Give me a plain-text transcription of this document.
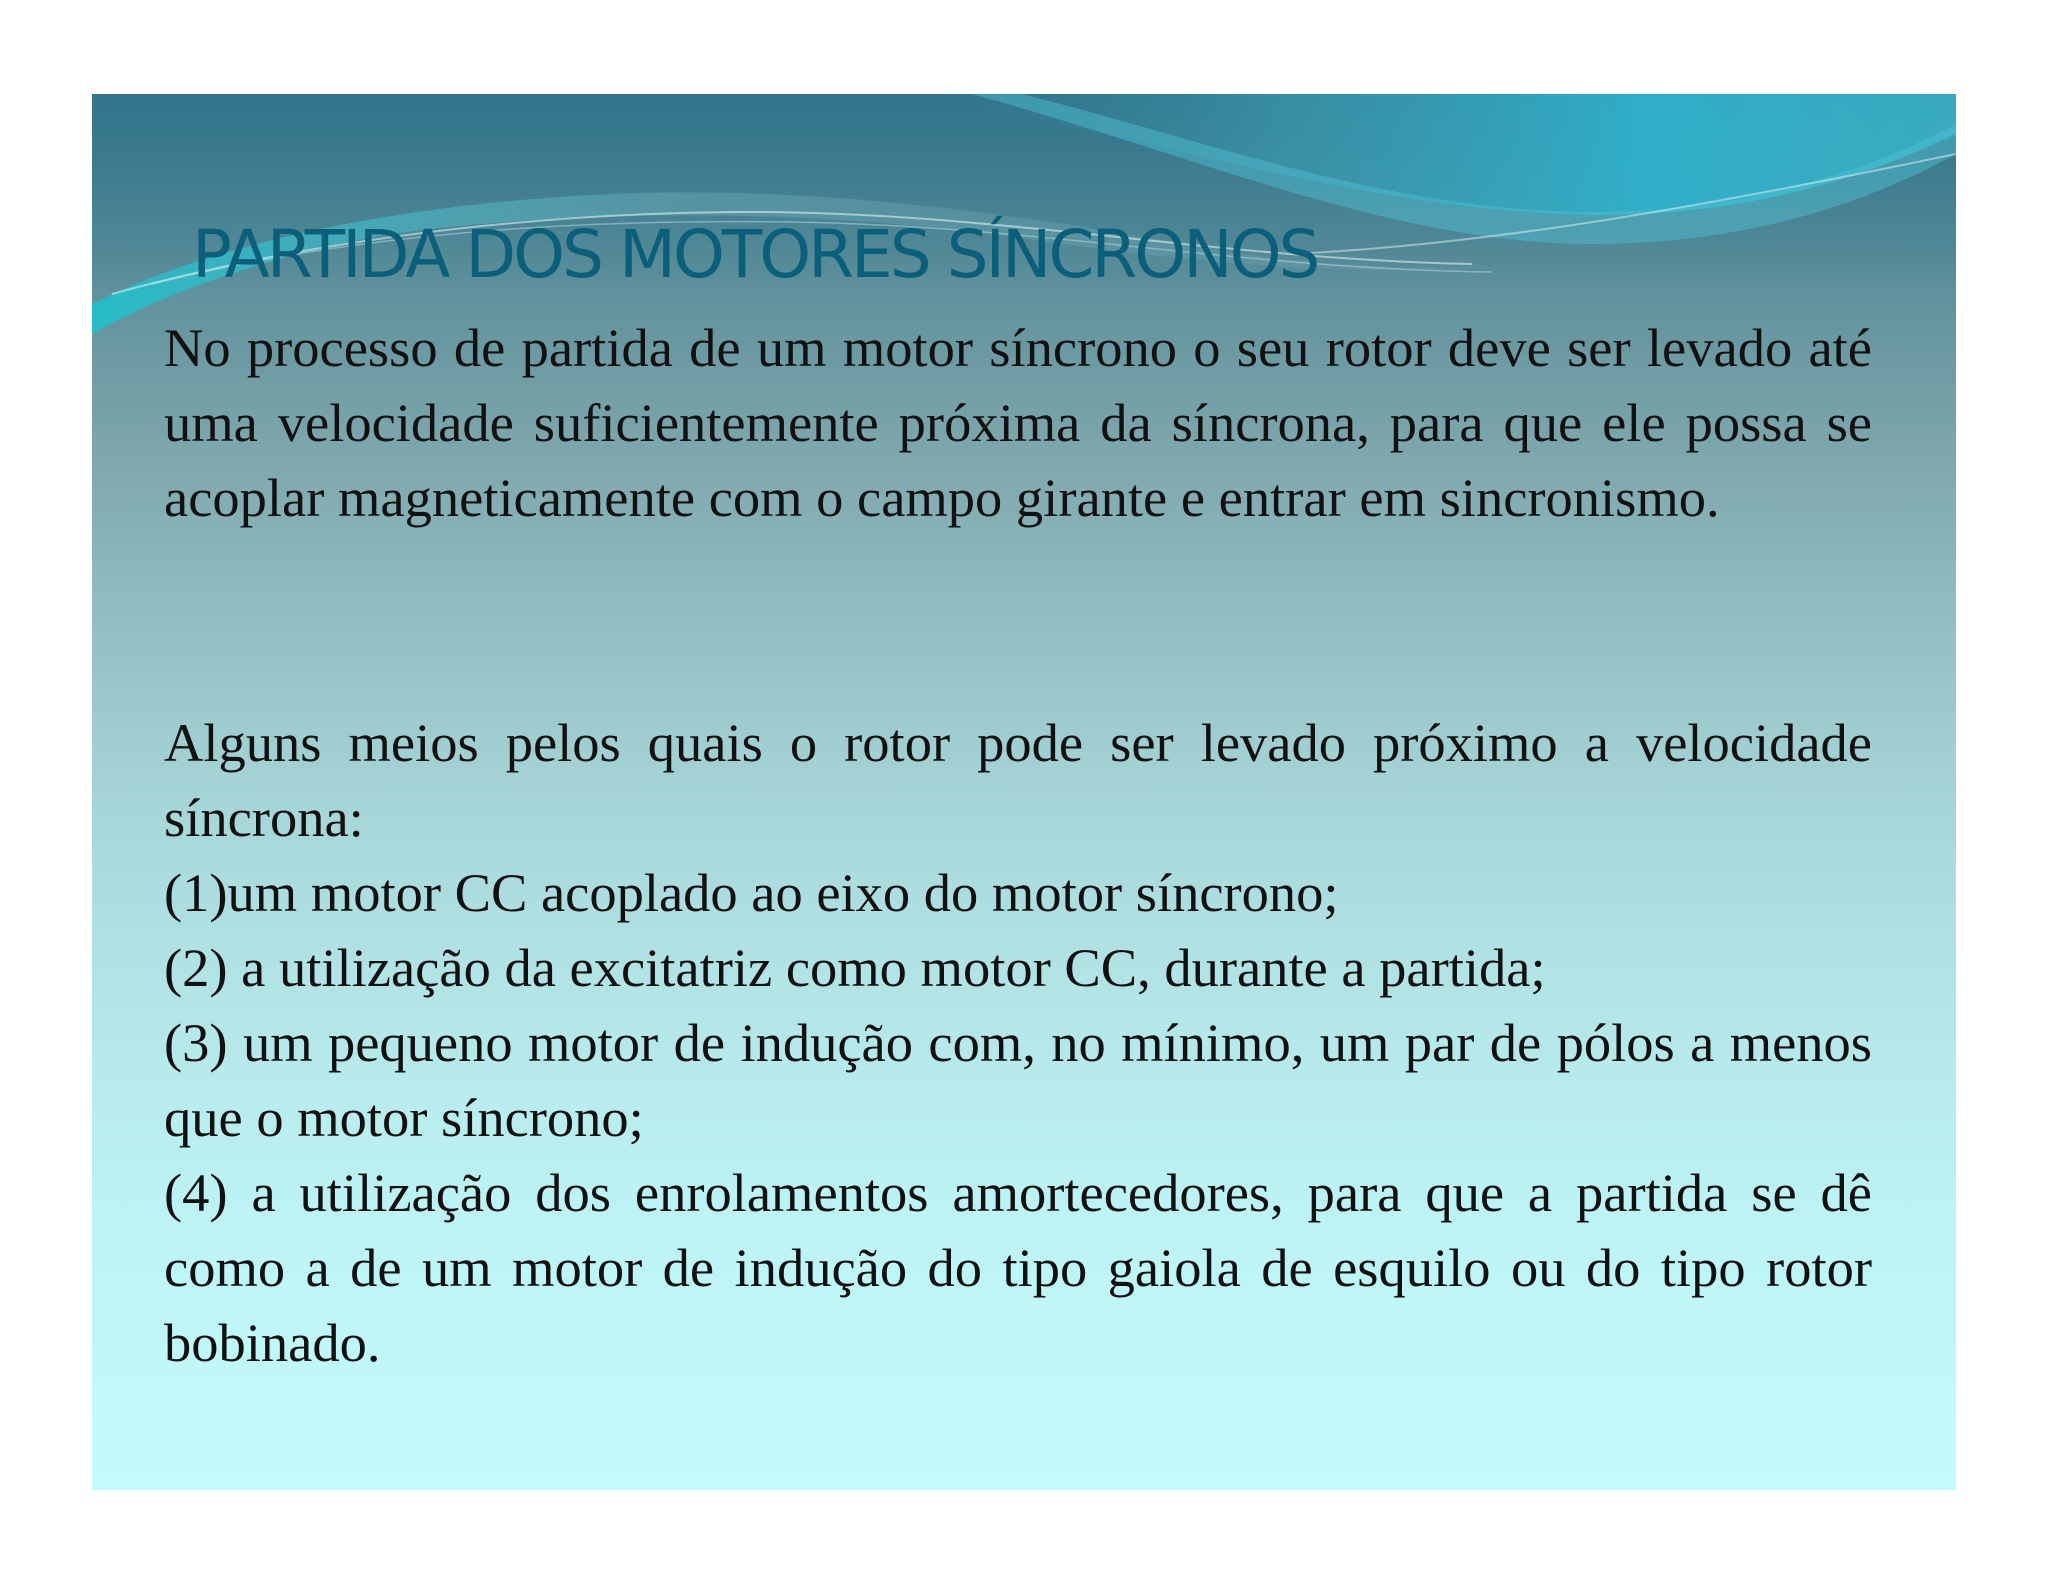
PARTIDA DOS MOTORES SÍNCRONOS

No processo de partida de um motor síncrono o seu rotor deve ser levado até uma velocidade suficientemente próxima da síncrona, para que ele possa se acoplar magneticamente com o campo girante e entrar em sincronismo.

Alguns meios pelos quais o rotor pode ser levado próximo a velocidade síncrona:

(1)um motor CC acoplado ao eixo do motor síncrono;

(2) a utilização da excitatriz como motor CC, durante a partida;

(3) um pequeno motor de indução com, no mínimo, um par de pólos a menos que o motor síncrono;

(4) a utilização dos enrolamentos amortecedores, para que a partida se dê como a de um motor de indução do tipo gaiola de esquilo ou do tipo rotor bobinado.
